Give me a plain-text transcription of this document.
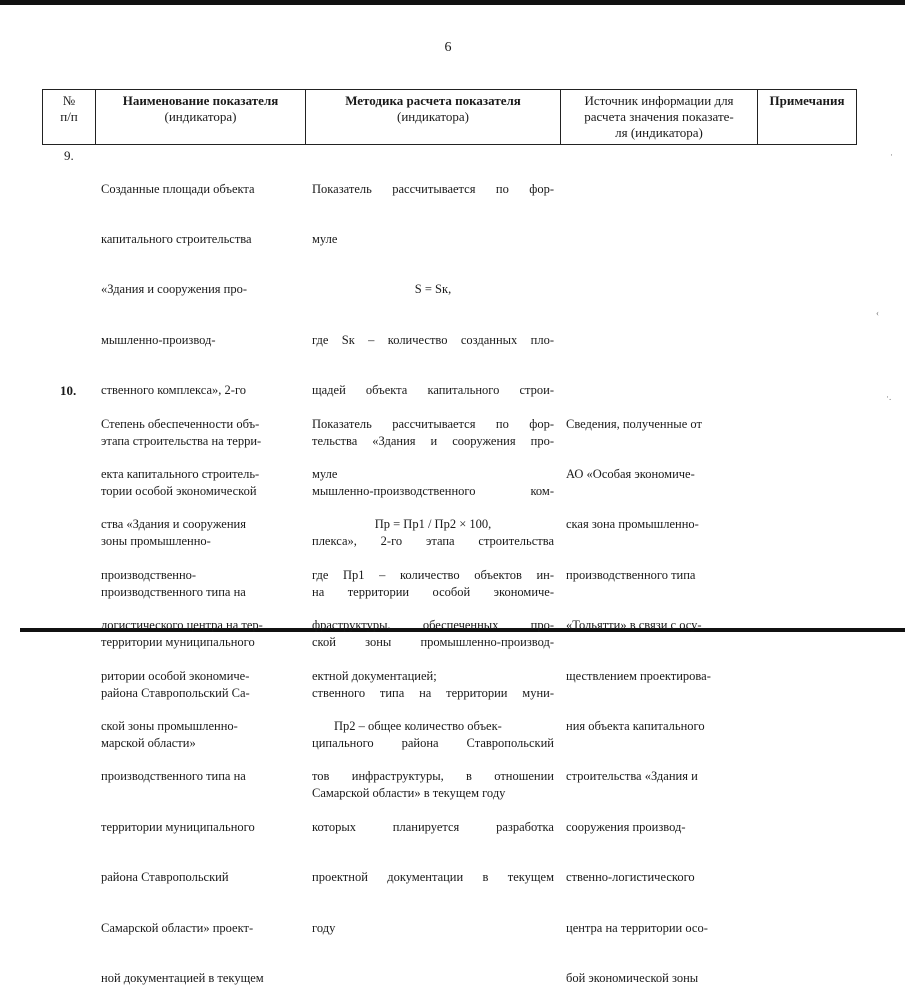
6
№
п/п
Наименование показателя
(индикатора)
Методика расчета показателя
(индикатора)
Источник информации для
расчета значения показате-
ля (индикатора)
Примечания
9.

Созданные площади объекта

капитального строительства

«Здания и сооружения про-

мышленно-производ-

ственного комплекса», 2-го

этапа строительства на терри-

тории особой экономической

зоны промышленно-

производственного типа на

территории муниципального

района Ставропольский Са-

марской области»

Показатель рассчитывается по фор-

муле

S = Sк,

где Sк – количество созданных пло-

щадей объекта капитального строи-

тельства «Здания и сооружения про-

мышленно-производственного ком-

плекса», 2-го этапа строительства

на территории особой экономиче-

ской зоны промышленно-производ-

ственного типа на территории муни-

ципального района Ставропольский

Самарской области» в текущем году

10.

Степень обеспеченности объ-

екта капитального строитель-

ства «Здания и сооружения

производственно-

логистического центра на тер-

ритории особой экономиче-

ской зоны промышленно-

производственного типа на

территории муниципального

района Ставропольский

Самарской области» проект-

ной документацией в текущем

Показатель рассчитывается по фор-

муле

Пр = Пр1 / Пр2 × 100,

где Пр1 – количество объектов ин-

фраструктуры, обеспеченных про-

ектной документацией;

Пр2 – общее количество объек-

тов инфраструктуры, в отношении

которых планируется разработка

проектной документации в текущем

году

Сведения, полученные от

АО «Особая экономиче-

ская зона промышленно-

производственного типа

«Тольятти» в связи с осу-

ществлением проектирова-

ния объекта капитального

строительства «Здания и

сооружения производ-

ственно-логистического

центра на территории осо-

бой экономической зоны

‹
·.
·
